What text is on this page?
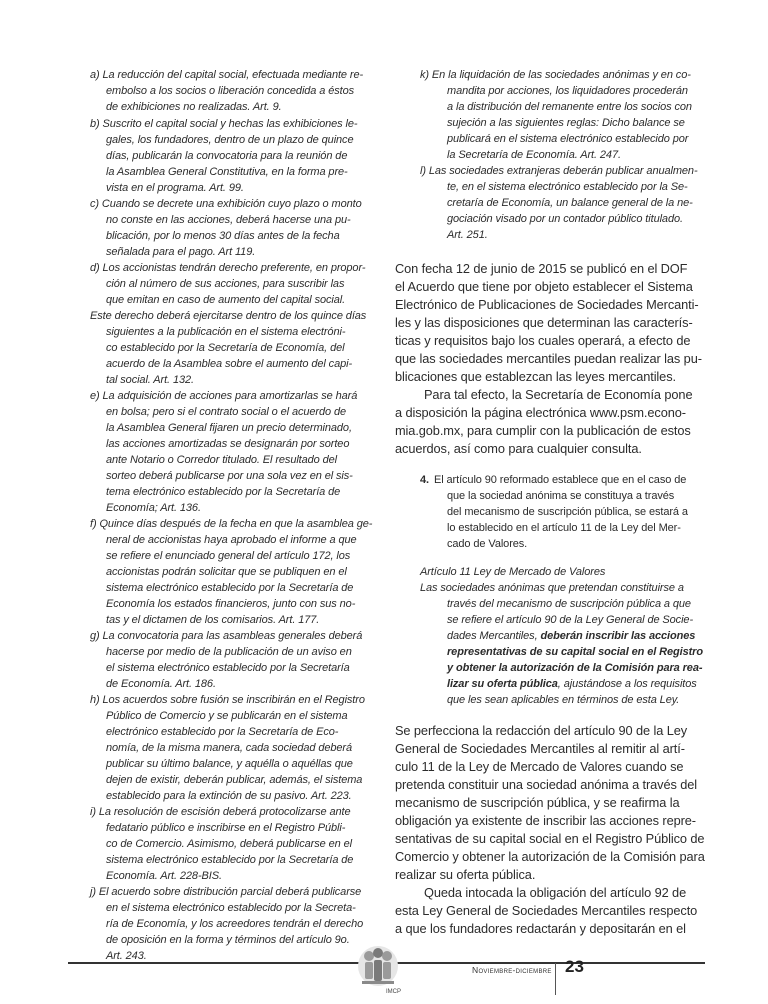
a) La reducción del capital social, efectuada mediante re-

embolso a los socios o liberación concedida a éstos

de exhibiciones no realizadas. Art. 9.

b) Suscrito el capital social y hechas las exhibiciones le-

gales, los fundadores, dentro de un plazo de quince

días, publicarán la convocatoria para la reunión de

la Asamblea General Constitutiva, en la forma pre-

vista en el programa. Art. 99.

c) Cuando se decrete una exhibición cuyo plazo o monto

no conste en las acciones, deberá hacerse una pu-

blicación, por lo menos 30 días antes de la fecha

señalada para el pago. Art 119.

d) Los accionistas tendrán derecho preferente, en propor-

ción al número de sus acciones, para suscribir las

que emitan en caso de aumento del capital social.

Este derecho deberá ejercitarse dentro de los quince días

siguientes a la publicación en el sistema electróni-

co establecido por la Secretaría de Economía, del

acuerdo de la Asamblea sobre el aumento del capi-

tal social. Art. 132.

e) La adquisición de acciones para amortizarlas se hará

en bolsa; pero si el contrato social o el acuerdo de

la Asamblea General fijaren un precio determinado,

las acciones amortizadas se designarán por sorteo

ante Notario o Corredor titulado. El resultado del

sorteo deberá publicarse por una sola vez en el sis-

tema electrónico establecido por la Secretaría de

Economía; Art. 136.

f) Quince días después de la fecha en que la asamblea ge-

neral de accionistas haya aprobado el informe a que

se refiere el enunciado general del artículo 172, los

accionistas podrán solicitar que se publiquen en el

sistema electrónico establecido por la Secretaría de

Economía los estados financieros, junto con sus no-

tas y el dictamen de los comisarios. Art. 177.

g) La convocatoria para las asambleas generales deberá

hacerse por medio de la publicación de un aviso en

el sistema electrónico establecido por la Secretaría

de Economía. Art. 186.

h) Los acuerdos sobre fusión se inscribirán en el Registro

Público de Comercio y se publicarán en el sistema

electrónico establecido por la Secretaría de Eco-

nomía, de la misma manera, cada sociedad deberá

publicar su último balance, y aquélla o aquéllas que

dejen de existir, deberán publicar, además, el sistema

establecido para la extinción de su pasivo. Art. 223.

i) La resolución de escisión deberá protocolizarse ante

fedatario público e inscribirse en el Registro Públi-

co de Comercio. Asimismo, deberá publicarse en el

sistema electrónico establecido por la Secretaría de

Economía. Art. 228-BIS.

j) El acuerdo sobre distribución parcial deberá publicarse

en el sistema electrónico establecido por la Secreta-

ría de Economía, y los acreedores tendrán el derecho

de oposición en la forma y términos del artículo 9o.

Art. 243.

k) En la liquidación de las sociedades anónimas y en co-

mandita por acciones, los liquidadores procederán

a la distribución del remanente entre los socios con

sujeción a las siguientes reglas: Dicho balance se

publicará en el sistema electrónico establecido por

la Secretaría de Economía. Art. 247.

l) Las sociedades extranjeras deberán publicar anualmen-

te, en el sistema electrónico establecido por la Se-

cretaría de Economía, un balance general de la ne-

gociación visado por un contador público titulado.

Art. 251.

Con fecha 12 de junio de 2015 se publicó en el DOF

el Acuerdo que tiene por objeto establecer el Sistema

Electrónico de Publicaciones de Sociedades Mercanti-

les y las disposiciones que determinan las caracterís-

ticas y requisitos bajo los cuales operará, a efecto de

que las sociedades mercantiles puedan realizar las pu-

blicaciones que establezcan las leyes mercantiles.

Para tal efecto, la Secretaría de Economía pone

a disposición la página electrónica www.psm.econo-

mia.gob.mx, para cumplir con la publicación de estos

acuerdos, así como para cualquier consulta.

4. El artículo 90 reformado establece que en el caso de

que la sociedad anónima se constituya a través

del mecanismo de suscripción pública, se estará a

lo establecido en el artículo 11 de la Ley del Mer-

cado de Valores.

Artículo 11 Ley de Mercado de Valores

Las sociedades anónimas que pretendan constituirse a

través del mecanismo de suscripción pública a que

se refiere el artículo 90 de la Ley General de Socie-

dades Mercantiles, deberán inscribir las acciones

representativas de su capital social en el Registro

y obtener la autorización de la Comisión para rea-

lizar su oferta pública, ajustándose a los requisitos

que les sean aplicables en términos de esta Ley.

Se perfecciona la redacción del artículo 90 de la Ley

General de Sociedades Mercantiles al remitir al artí-

culo 11 de la Ley de Mercado de Valores cuando se

pretenda constituir una sociedad anónima a través del

mecanismo de suscripción pública, y se reafirma la

obligación ya existente de inscribir las acciones repre-

sentativas de su capital social en el Registro Público de

Comercio y obtener la autorización de la Comisión para

realizar su oferta pública.

Queda intocada la obligación del artículo 92 de

esta Ley General de Sociedades Mercantiles respecto

a que los fundadores redactarán y depositarán en el

IMCP
Noviembre-diciembre 23
